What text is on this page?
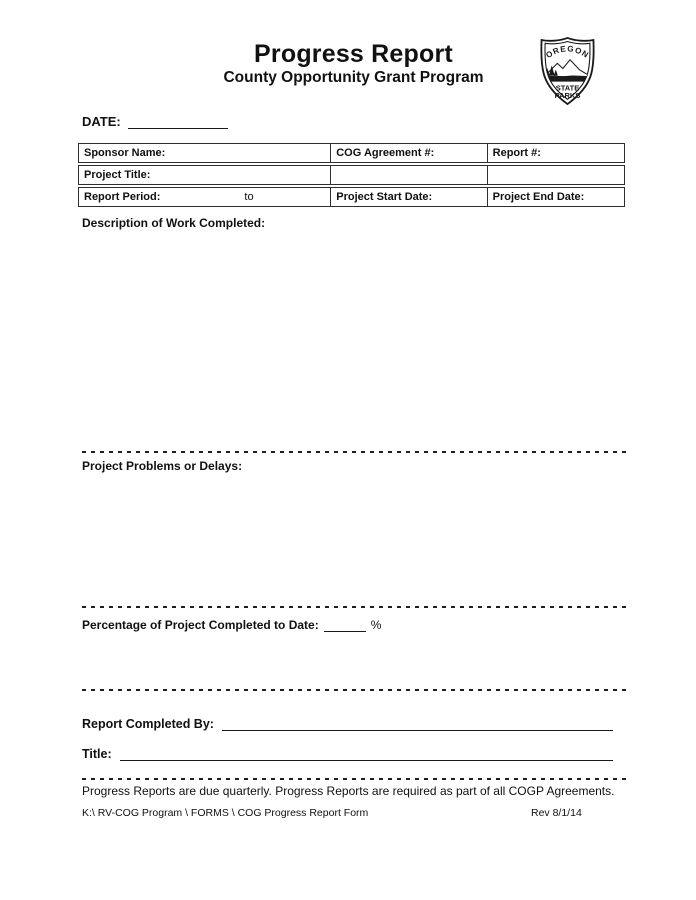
Progress Report
County Opportunity Grant Program
OREGON
STATE
PARKS
DATE:
Sponsor Name:	COG Agreement #:	Report #:
Project Title:
Report Period:	to	Project Start Date:	Project End Date:
Description of Work Completed:
Project Problems or Delays:
Percentage of Project Completed to Date:	%
Report Completed By:
Title:
Progress Reports are due quarterly. Progress Reports are required as part of all COGP Agreements.
K:\ RV-COG Program \ FORMS \ COG Progress Report Form	Rev 8/1/14
